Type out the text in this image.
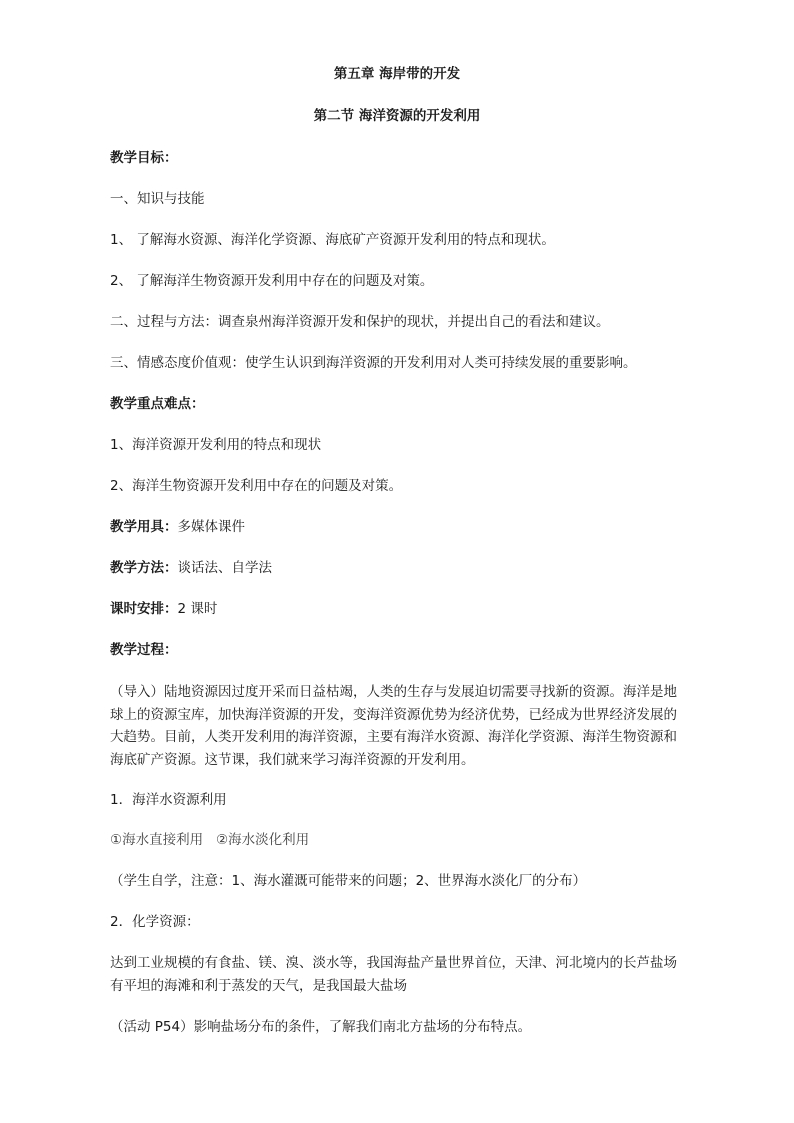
第五章 海岸带的开发
第二节 海洋资源的开发利用
教学目标：
一、知识与技能
1、 了解海水资源、海洋化学资源、海底矿产资源开发利用的特点和现状。
2、 了解海洋生物资源开发利用中存在的问题及对策。
二、过程与方法：调查泉州海洋资源开发和保护的现状，并提出自己的看法和建议。
三、情感态度价值观：使学生认识到海洋资源的开发利用对人类可持续发展的重要影响。
教学重点难点：
1、海洋资源开发利用的特点和现状
2、海洋生物资源开发利用中存在的问题及对策。
教学用具：多媒体课件
教学方法：谈话法、自学法
课时安排：2 课时
教学过程：
（导入）陆地资源因过度开采而日益枯竭，人类的生存与发展迫切需要寻找新的资源。海洋是地球上的资源宝库，加快海洋资源的开发，变海洋资源优势为经济优势，已经成为世界经济发展的大趋势。目前，人类开发利用的海洋资源，主要有海洋水资源、海洋化学资源、海洋生物资源和海底矿产资源。这节课，我们就来学习海洋资源的开发利用。
1．海洋水资源利用
①海水直接利用   ②海水淡化利用
（学生自学，注意：1、海水灌溉可能带来的问题；2、世界海水淡化厂的分布）
2．化学资源：
达到工业规模的有食盐、镁、溴、淡水等，我国海盐产量世界首位，天津、河北境内的长芦盐场有平坦的海滩和利于蒸发的天气，是我国最大盐场
（活动 P54）影响盐场分布的条件，了解我们南北方盐场的分布特点。
